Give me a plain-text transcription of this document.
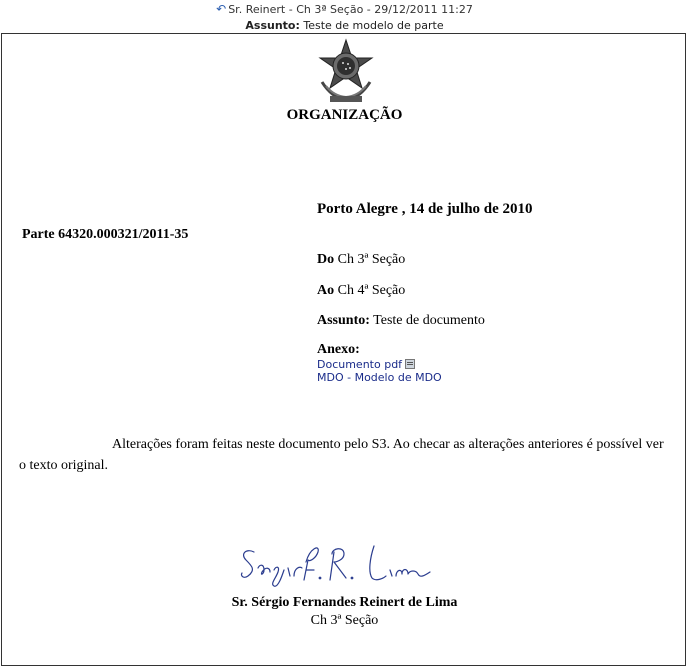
↶ Sr. Reinert - Ch 3ª Seção - 29/12/2011 11:27
Assunto: Teste de modelo de parte
ORGANIZAÇÃO
Porto Alegre , 14 de julho de 2010
Parte 64320.000321/2011-35
Do Ch 3ª Seção
Ao Ch 4ª Seção
Assunto: Teste de documento
Anexo:
Documento pdf
MDO - Modelo de MDO
Alterações foram feitas neste documento pelo S3. Ao checar as alterações anteriores é possível ver o texto original.
Sr. Sérgio Fernandes Reinert de Lima
Ch 3ª Seção
